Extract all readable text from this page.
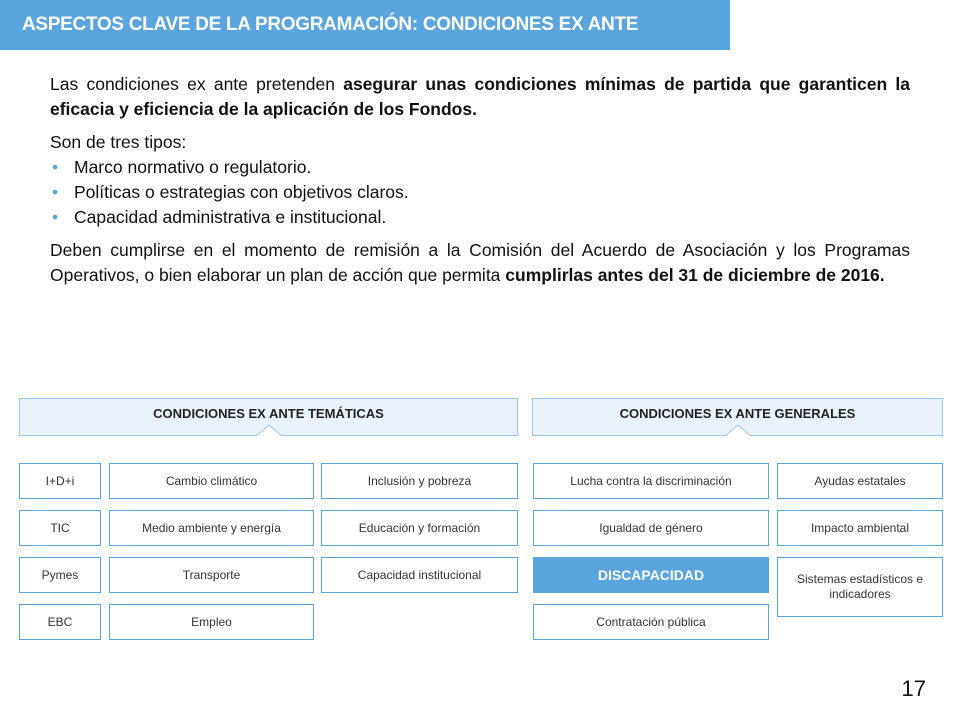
ASPECTOS CLAVE DE LA PROGRAMACIÓN: CONDICIONES EX ANTE

Las condiciones ex ante pretenden asegurar unas condiciones mínimas de partida que garanticen la eficacia y eficiencia de la aplicación de los Fondos.

Son de tres tipos:
• Marco normativo o regulatorio.
• Políticas o estrategias con objetivos claros.
• Capacidad administrativa e institucional.

Deben cumplirse en el momento de remisión a la Comisión del Acuerdo de Asociación y los Programas Operativos, o bien elaborar un plan de acción que permita cumplirlas antes del 31 de diciembre de 2016.

CONDICIONES EX ANTE TEMÁTICAS	CONDICIONES EX ANTE GENERALES
I+D+i
TIC
Pymes
EBC
Cambio climático
Medio ambiente y energía
Transporte
Empleo
Inclusión y pobreza
Educación y formación
Capacidad institucional
Lucha contra la discriminación
Igualdad de género
DISCAPACIDAD
Contratación pública
Ayudas estatales
Impacto ambiental
Sistemas estadísticos e indicadores
17
